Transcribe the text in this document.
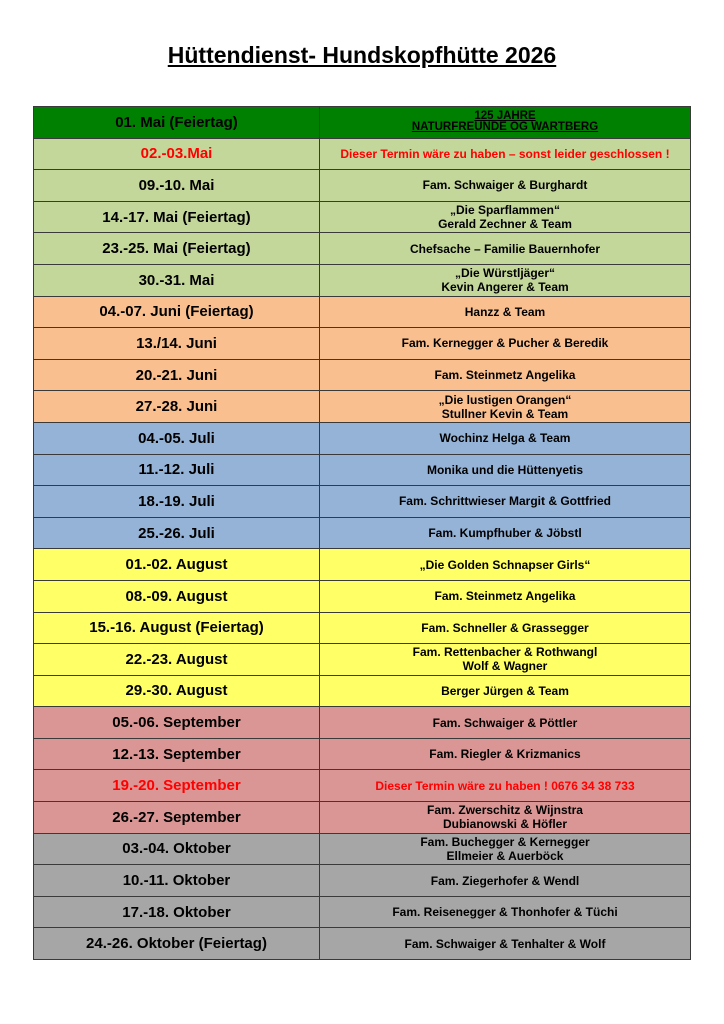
Hüttendienst- Hundskopfhütte 2026
01. Mai (Feiertag)	125 JAHRE
NATURFREUNDE OG WARTBERG

02.-03.Mai	Dieser Termin wäre zu haben – sonst leider geschlossen !

09.-10. Mai	Fam. Schwaiger & Burghardt

14.-17. Mai (Feiertag)	„Die Sparflammen“
Gerald Zechner & Team

23.-25. Mai (Feiertag)	Chefsache – Familie Bauernhofer

30.-31. Mai	„Die Würstljäger“
Kevin Angerer & Team

04.-07. Juni (Feiertag)	Hanzz & Team

13./14. Juni	Fam. Kernegger & Pucher & Beredik

20.-21. Juni	Fam. Steinmetz Angelika

27.-28. Juni	„Die lustigen Orangen“
Stullner Kevin & Team

04.-05. Juli	Wochinz Helga & Team

11.-12. Juli	Monika und die Hüttenyetis

18.-19. Juli	Fam. Schrittwieser Margit & Gottfried

25.-26. Juli	Fam. Kumpfhuber & Jöbstl

01.-02. August	„Die Golden Schnapser Girls“

08.-09. August	Fam. Steinmetz Angelika

15.-16. August (Feiertag)	Fam. Schneller & Grassegger

22.-23. August	Fam. Rettenbacher & Rothwangl
Wolf & Wagner

29.-30. August	Berger Jürgen & Team

05.-06. September	Fam. Schwaiger & Pöttler

12.-13. September	Fam. Riegler & Krizmanics

19.-20. September	Dieser Termin wäre zu haben ! 0676 34 38 733

26.-27. September	Fam. Zwerschitz & Wijnstra
Dubianowski & Höfler

03.-04. Oktober	Fam. Buchegger & Kernegger
Ellmeier & Auerböck

10.-11. Oktober	Fam. Ziegerhofer & Wendl

17.-18. Oktober	Fam. Reisenegger & Thonhofer & Tüchi

24.-26. Oktober (Feiertag)	Fam. Schwaiger & Tenhalter & Wolf
